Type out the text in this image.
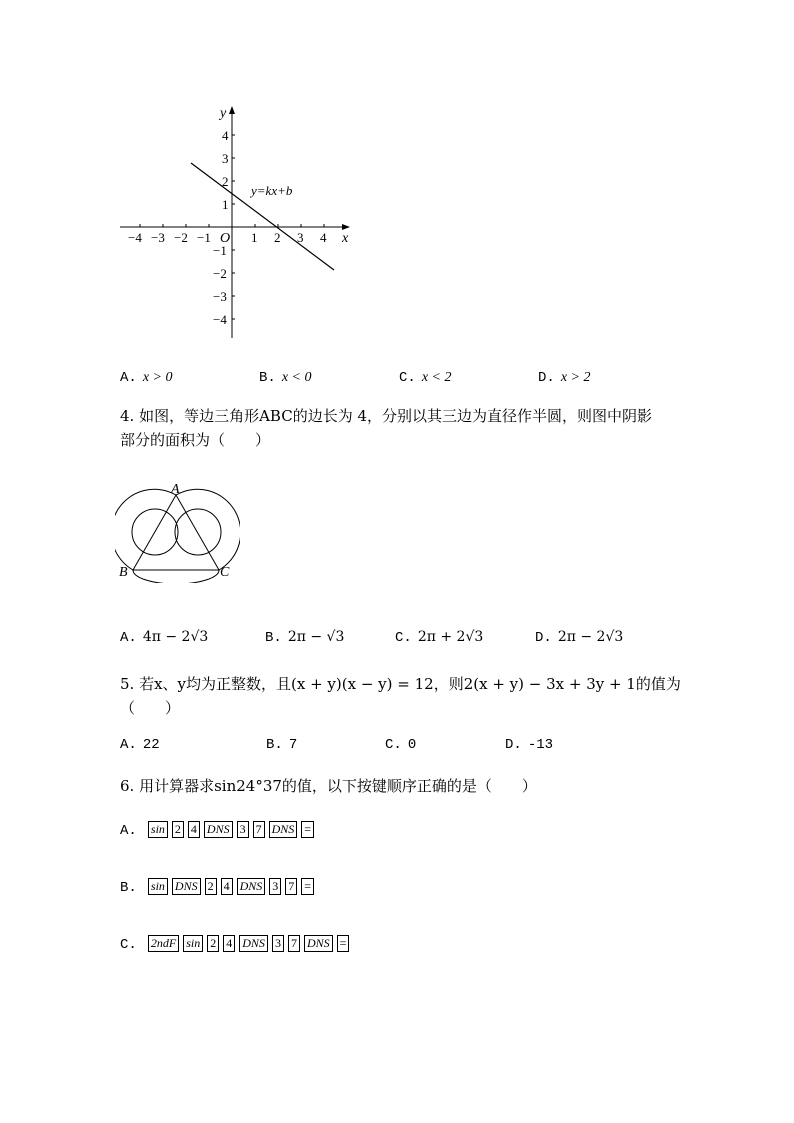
y
x
O
y=kx+b
−4 −3 −2 −1	1 2 3 4
4
3
2
1
−1
−2
−3
−4
A. x > 0	B. x < 0	C. x < 2	D. x > 2
4. 如图，等边三角形ABC的边长为 4，分别以其三边为直径作半圆，则图中阴影
部分的面积为（　　）
A
B	C
A. 4π − 2√3	B. 2π − √3	C. 2π + 2√3	D. 2π − 2√3
5. 若x、y均为正整数，且(x + y)(x − y) = 12，则2(x + y) − 3x + 3y + 1的值为
（　　）
A. 22	B. 7	C. 0	D. -13
6. 用计算器求sin24°37的值，以下按键顺序正确的是（　　）
A. sin 2 4 DNS 3 7 DNS =
B. sin DNS 2 4 DNS 3 7 =
C. 2ndF sin 2 4 DNS 3 7 DNS =
